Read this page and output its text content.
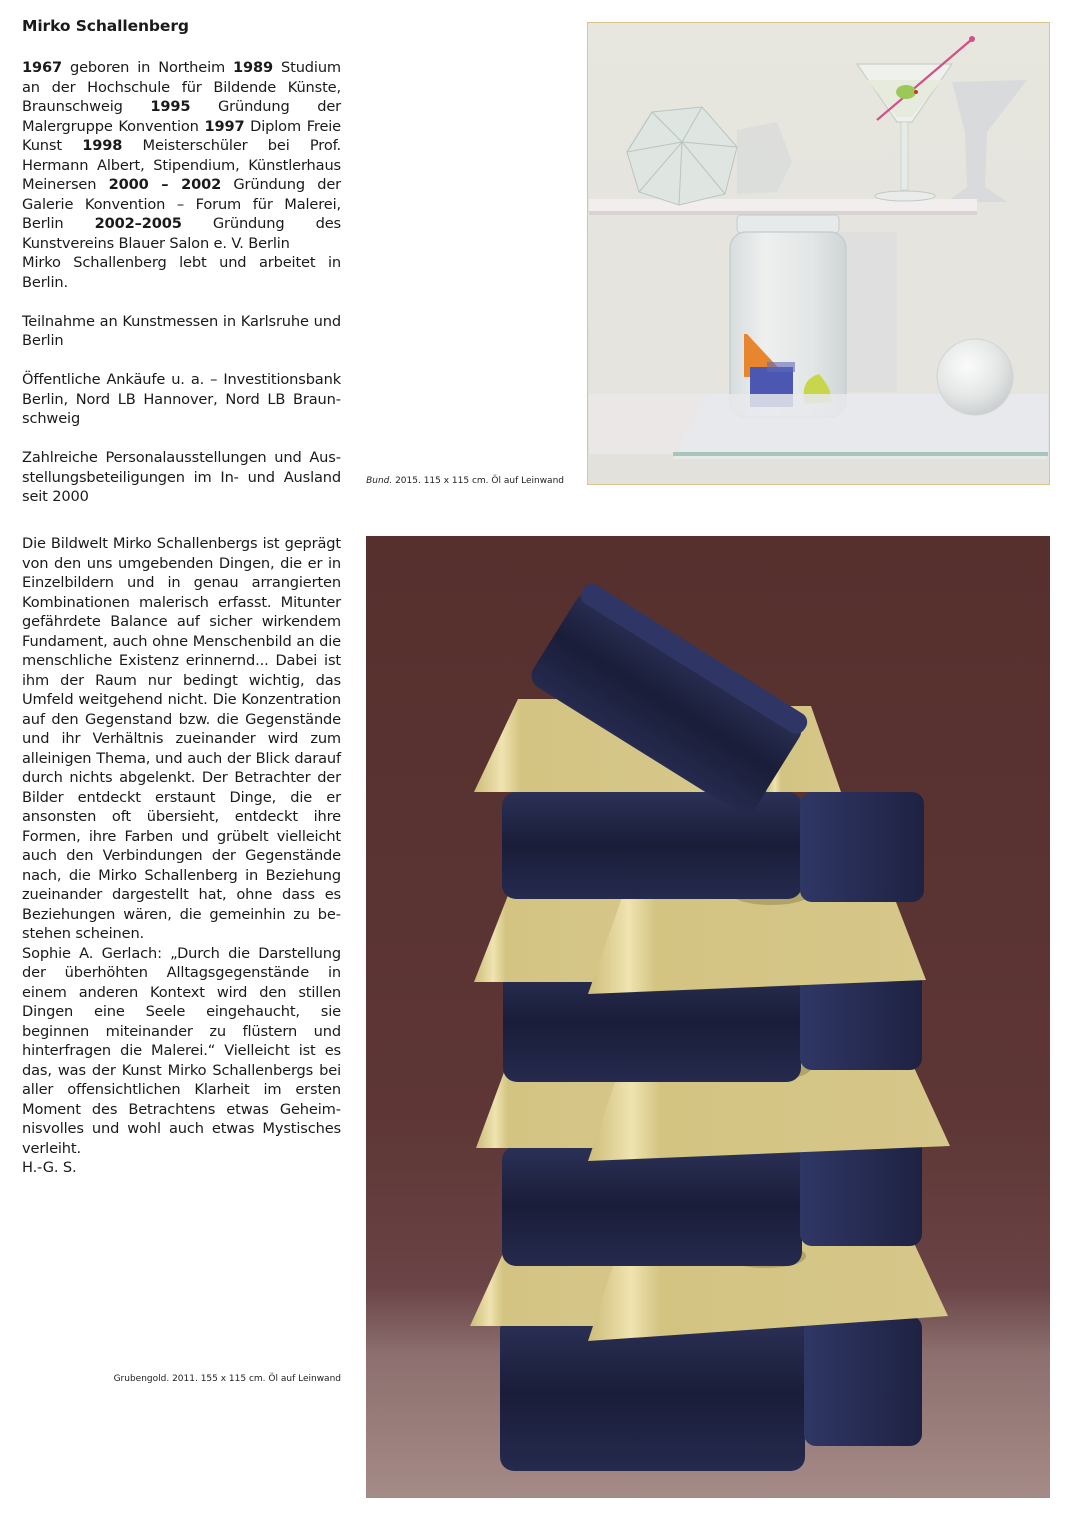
Mirko Schallenberg

1967 geboren in Northeim 1989 Studium an der Hochschule für Bildende Künste, Braunschweig 1995 Gründung der Malergruppe Konvention 1997 Diplom Freie Kunst 1998 Meisterschüler bei Prof. Hermann Albert, Stipendium, Künstlerhaus Meinersen 2000 – 2002 Gründung der Galerie Konvention – Forum für Malerei, Berlin 2002–2005 Gründung des Kunstvereins Blauer Salon e. V. Berlin

Mirko Schallenberg lebt und arbeitet in Berlin.

Teilnahme an Kunstmessen in Karlsruhe und Berlin

Öffentliche Ankäufe u. a. – Investitionsbank Berlin, Nord LB Hannover, Nord LB Braunschweig

Zahlreiche Personalausstellungen und Ausstellungsbeteiligungen im In- und Ausland seit 2000

Bund. 2015. 115 x 115 cm. Öl auf Leinwand

Die Bildwelt Mirko Schallenbergs ist geprägt von den uns umgebenden Dingen, die er in Einzelbildern und in genau arrangierten Kombinationen malerisch erfasst. Mitunter gefährdete Balance auf sicher wirkendem Fundament, auch ohne Menschenbild an die menschliche Existenz erinnernd... Dabei ist ihm der Raum nur bedingt wichtig, das Umfeld weitgehend nicht. Die Konzentration auf den Gegenstand bzw. die Gegenstände und ihr Verhältnis zueinander wird zum alleinigen Thema, und auch der Blick darauf durch nichts abgelenkt. Der Betrachter der Bilder entdeckt erstaunt Dinge, die er ansonsten oft übersieht, entdeckt ihre Formen, ihre Farben und grübelt vielleicht auch den Verbindungen der Gegenstände nach, die Mirko Schallenberg in Beziehung zueinander dargestellt hat, ohne dass es Beziehungen wären, die gemeinhin zu bestehen scheinen.

Sophie A. Gerlach: „Durch die Darstellung der überhöhten Alltagsgegenstände in einem anderen Kontext wird den stillen Dingen eine Seele eingehaucht, sie beginnen miteinander zu flüstern und hinterfragen die Malerei.“ Vielleicht ist es das, was der Kunst Mirko Schallenbergs bei aller offensichtlichen Klarheit im ersten Moment des Betrachtens etwas Geheimnisvolles und wohl auch etwas Mystisches verleiht.

H.-G. S.

Grubengold. 2011. 155 x 115 cm. Öl auf Leinwand
